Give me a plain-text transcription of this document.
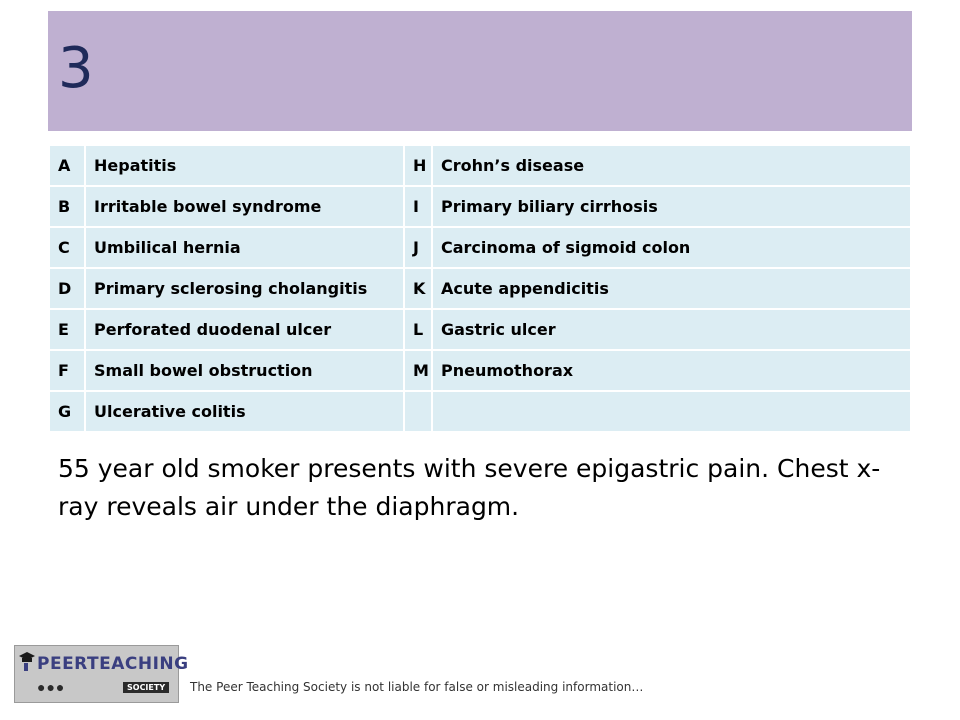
3
A	Hepatitis	H	Crohn’s disease
B	Irritable bowel syndrome	I	Primary biliary cirrhosis
C	Umbilical hernia	J	Carcinoma of sigmoid colon
D	Primary sclerosing cholangitis	K	Acute appendicitis
E	Perforated duodenal ulcer	L	Gastric ulcer
F	Small bowel obstruction	M	Pneumothorax
G	Ulcerative colitis		

55 year old smoker presents with severe epigastric pain. Chest x-ray reveals air under the diaphragm.

PEERTEACHING
●●●	SOCIETY	The Peer Teaching Society is not liable for false or misleading information…
